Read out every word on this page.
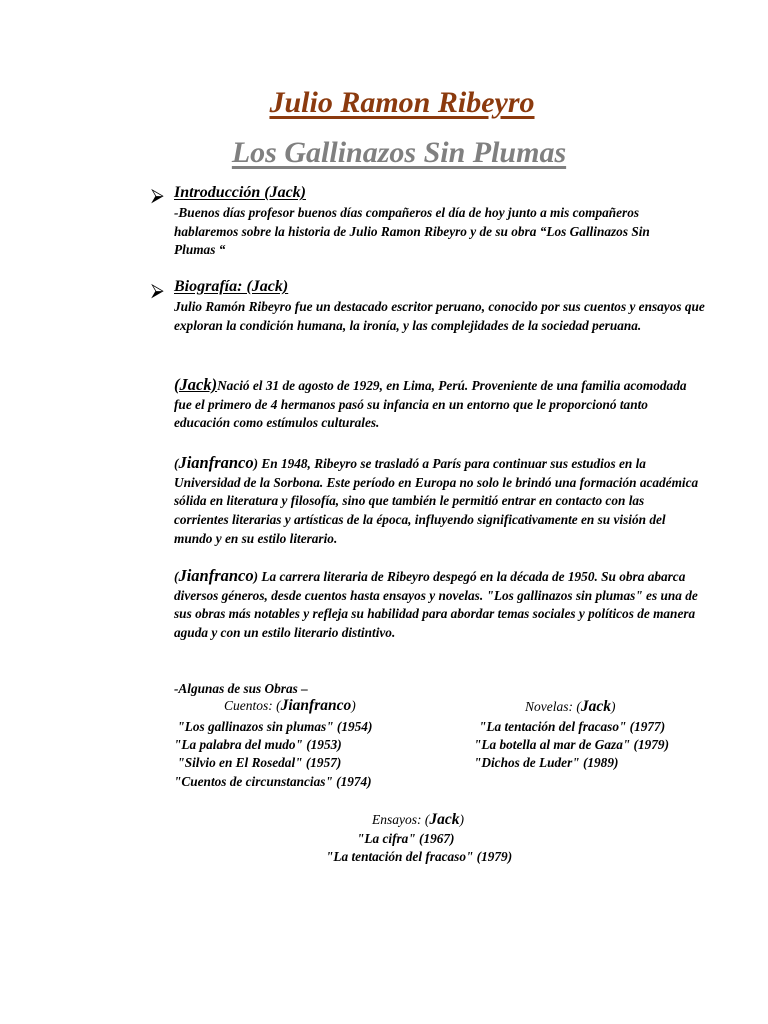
Julio Ramon Ribeyro
Los Gallinazos Sin Plumas
⮚ Introducción (Jack)

-Buenos días profesor buenos días compañeros el día de hoy junto a mis compañeros hablaremos sobre la historia de Julio Ramon Ribeyro y de su obra “Los Gallinazos Sin Plumas “

⮚ Biografía: (Jack)

Julio Ramón Ribeyro fue un destacado escritor peruano, conocido por sus cuentos y ensayos que exploran la condición humana, la ironía, y las complejidades de la sociedad peruana.

(Jack)Nació el 31 de agosto de 1929, en Lima, Perú. Proveniente de una familia acomodada fue el primero de 4 hermanos pasó su infancia en un entorno que le proporcionó tanto educación como estímulos culturales.

(Jianfranco) En 1948, Ribeyro se trasladó a París para continuar sus estudios en la Universidad de la Sorbona. Este período en Europa no solo le brindó una formación académica sólida en literatura y filosofía, sino que también le permitió entrar en contacto con las corrientes literarias y artísticas de la época, influyendo significativamente en su visión del mundo y en su estilo literario.

(Jianfranco) La carrera literaria de Ribeyro despegó en la década de 1950. Su obra abarca diversos géneros, desde cuentos hasta ensayos y novelas. "Los gallinazos sin plumas" es una de sus obras más notables y refleja su habilidad para abordar temas sociales y políticos de manera aguda y con un estilo literario distintivo.

-Algunas de sus Obras –
Cuentos: (Jianfranco)	Novelas: (Jack)
"Los gallinazos sin plumas" (1954)
"La palabra del mudo" (1953)
"Silvio en El Rosedal" (1957)
"Cuentos de circunstancias" (1974)
"La tentación del fracaso" (1977)
"La botella al mar de Gaza" (1979)
"Dichos de Luder" (1989)
Ensayos: (Jack)
"La cifra" (1967)
"La tentación del fracaso" (1979)
